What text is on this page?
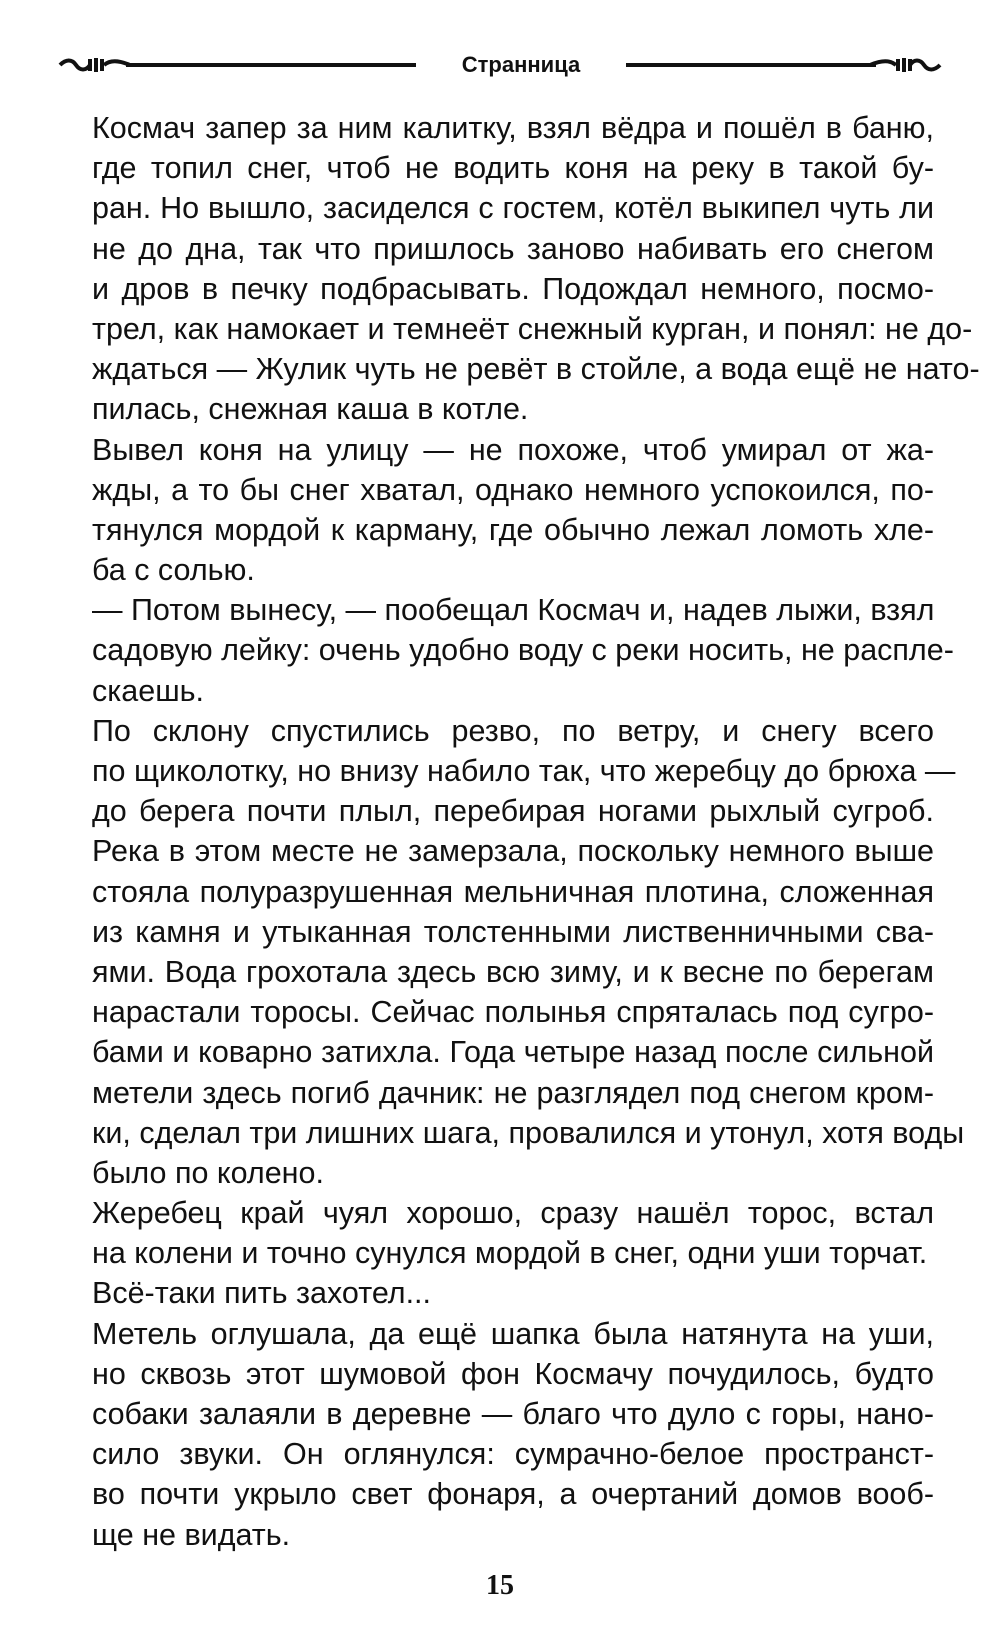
Странница

Космач запер за ним калитку, взял вёдра и пошёл в баню,
где топил снег, чтоб не водить коня на реку в такой бу-
ран. Но вышло, засиделся с гостем, котёл выкипел чуть ли
не до дна, так что пришлось заново набивать его снегом
и дров в печку подбрасывать. Подождал немного, посмо-
трел, как намокает и темнеёт снежный курган, и понял: не до-
ждаться — Жулик чуть не ревёт в стойле, а вода ещё не нато-
пилась, снежная каша в котле.

Вывел коня на улицу — не похоже, чтоб умирал от жа-
жды, а то бы снег хватал, однако немного успокоился, по-
тянулся мордой к карману, где обычно лежал ломоть хле-
ба с солью.

— Потом вынесу, — пообещал Космач и, надев лыжи, взял
садовую лейку: очень удобно воду с реки носить, не распле-
скаешь.

По склону спустились резво, по ветру, и снегу всего
по щиколотку, но внизу набило так, что жеребцу до брюха —
до берега почти плыл, перебирая ногами рыхлый сугроб.
Река в этом месте не замерзала, поскольку немного выше
стояла полуразрушенная мельничная плотина, сложенная
из камня и утыканная толстенными лиственничными сва-
ями. Вода грохотала здесь всю зиму, и к весне по берегам
нарастали торосы. Сейчас полынья спряталась под сугро-
бами и коварно затихла. Года четыре назад после сильной
метели здесь погиб дачник: не разглядел под снегом кром-
ки, сделал три лишних шага, провалился и утонул, хотя воды
было по колено.

Жеребец край чуял хорошо, сразу нашёл торос, встал
на колени и точно сунулся мордой в снег, одни уши торчат.

Всё-таки пить захотел...

Метель оглушала, да ещё шапка была натянута на уши,
но сквозь этот шумовой фон Космачу почудилось, будто
собаки залаяли в деревне — благо что дуло с горы, нано-
сило звуки. Он оглянулся: сумрачно-белое пространст-
во почти укрыло свет фонаря, а очертаний домов вооб-
ще не видать.

15
